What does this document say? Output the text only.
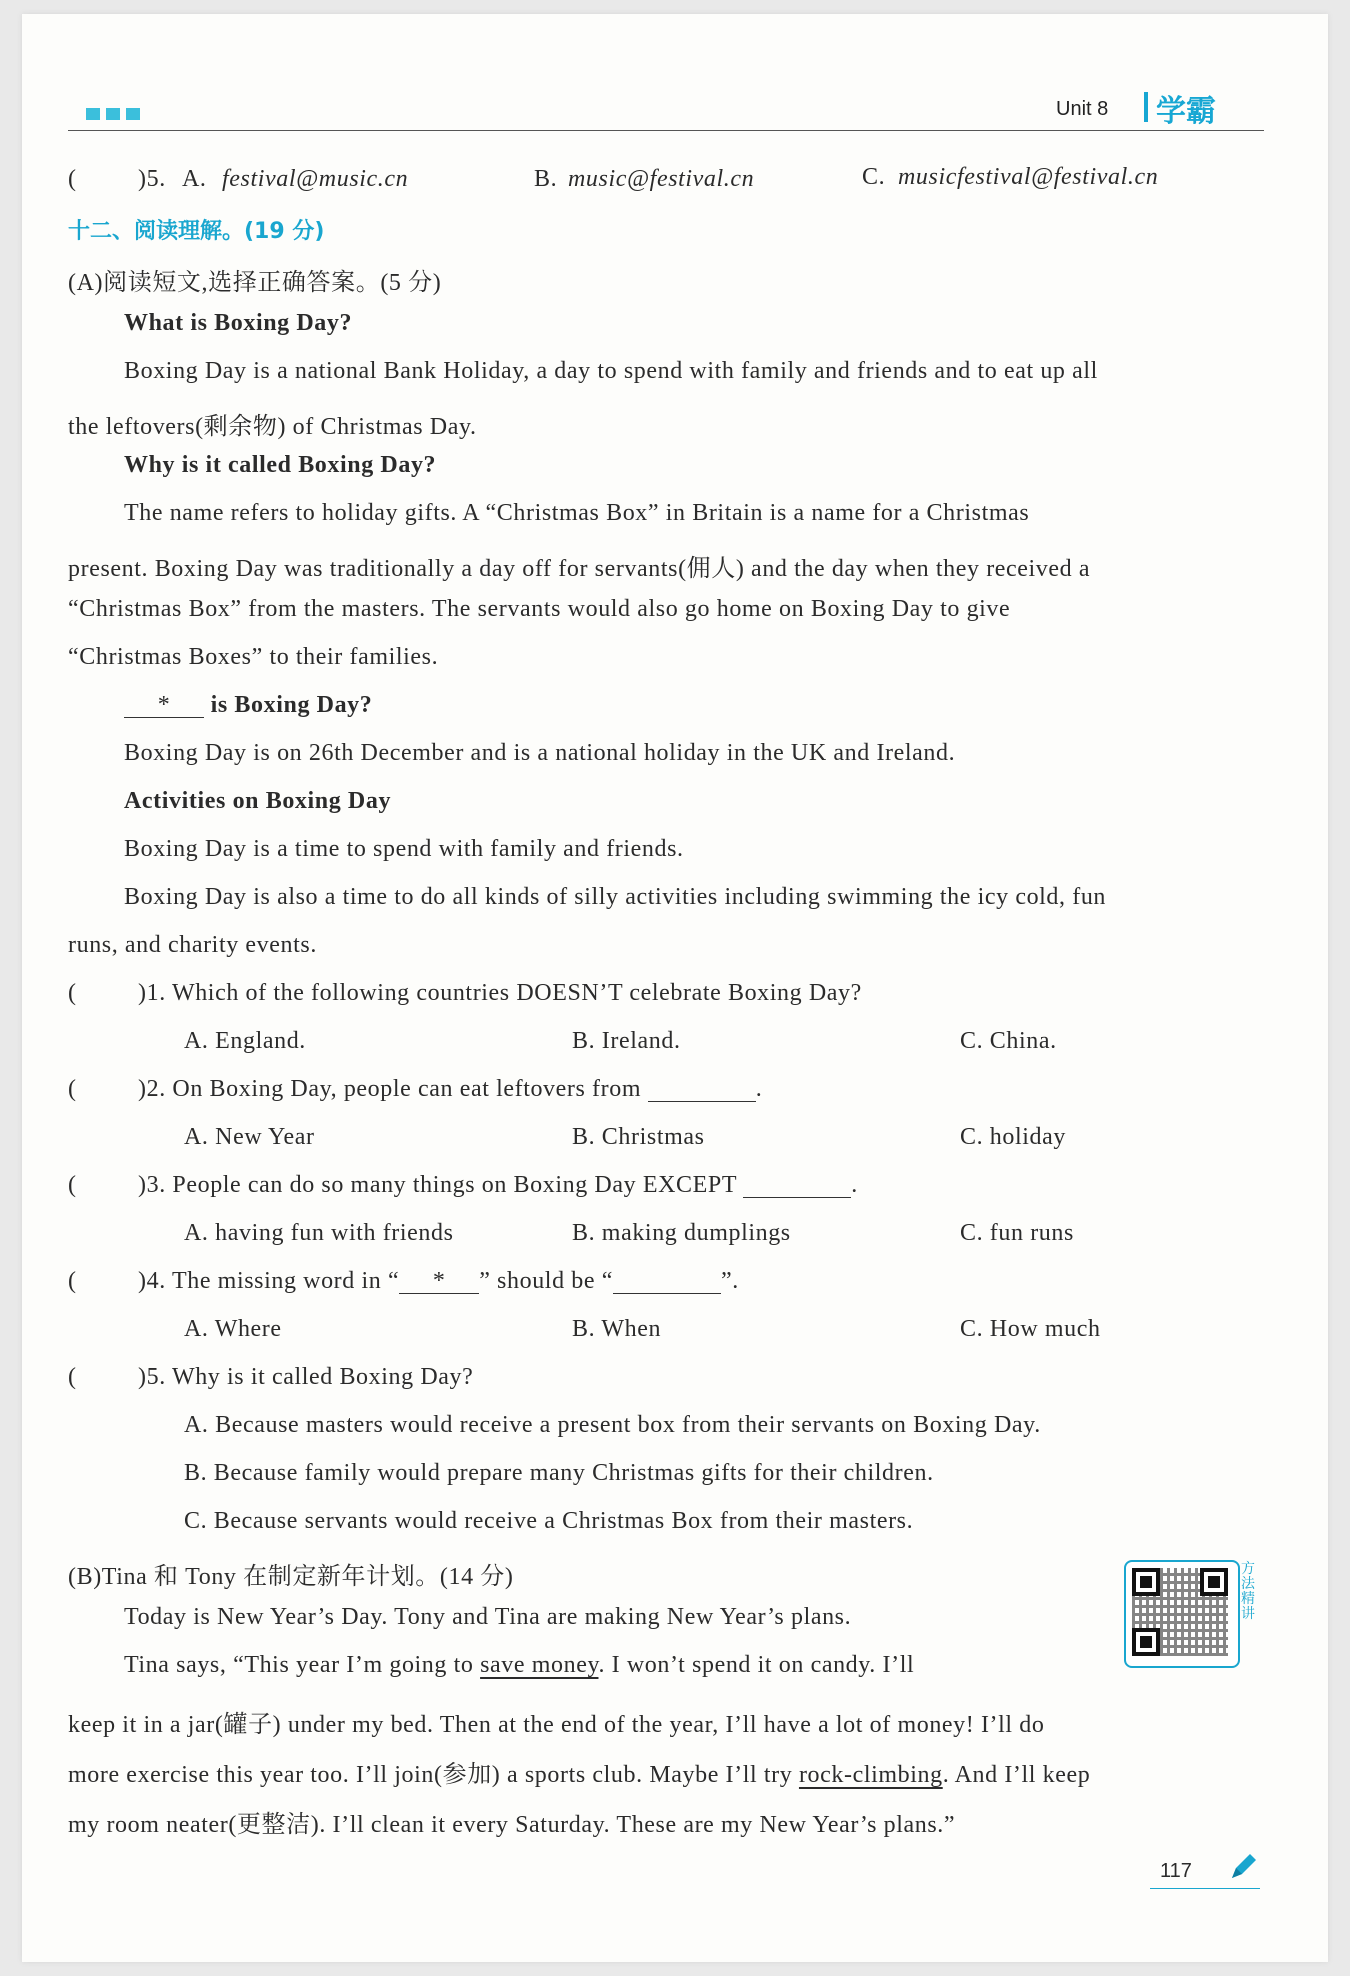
Unit 8 学霸
(	)5. A. festival@music.cn	B. music@festival.cn	C. musicfestival@festival.cn
十二、阅读理解。(19 分)
(A)阅读短文,选择正确答案。(5 分)
What is Boxing Day?
Boxing Day is a national Bank Holiday, a day to spend with family and friends and to eat up all
the leftovers(剩余物) of Christmas Day.
Why is it called Boxing Day?
The name refers to holiday gifts. A “Christmas Box” in Britain is a name for a Christmas
present. Boxing Day was traditionally a day off for servants(佣人) and the day when they received a
“Christmas Box” from the masters. The servants would also go home on Boxing Day to give
“Christmas Boxes” to their families.
* is Boxing Day?
Boxing Day is on 26th December and is a national holiday in the UK and Ireland.
Activities on Boxing Day
Boxing Day is a time to spend with family and friends.
Boxing Day is also a time to do all kinds of silly activities including swimming the icy cold, fun
runs, and charity events.
(	)1. Which of the following countries DOESN’T celebrate Boxing Day?
A. England.	B. Ireland.	C. China.
(	)2. On Boxing Day, people can eat leftovers from	.
A. New Year	B. Christmas	C. holiday
(	)3. People can do so many things on Boxing Day EXCEPT	.
A. having fun with friends	B. making dumplings	C. fun runs
(	)4. The missing word in “ * ” should be “	”.
A. Where	B. When	C. How much
(	)5. Why is it called Boxing Day?
A. Because masters would receive a present box from their servants on Boxing Day.
B. Because family would prepare many Christmas gifts for their children.
C. Because servants would receive a Christmas Box from their masters.
(B)Tina 和 Tony 在制定新年计划。(14 分)
Today is New Year’s Day. Tony and Tina are making New Year’s plans.
Tina says, “This year I’m going to save money. I won’t spend it on candy. I’ll
keep it in a jar(罐子) under my bed. Then at the end of the year, I’ll have a lot of money! I’ll do
more exercise this year too. I’ll join(参加) a sports club. Maybe I’ll try rock-climbing. And I’ll keep
my room neater(更整洁). I’ll clean it every Saturday. These are my New Year’s plans.”
方法精讲
117
